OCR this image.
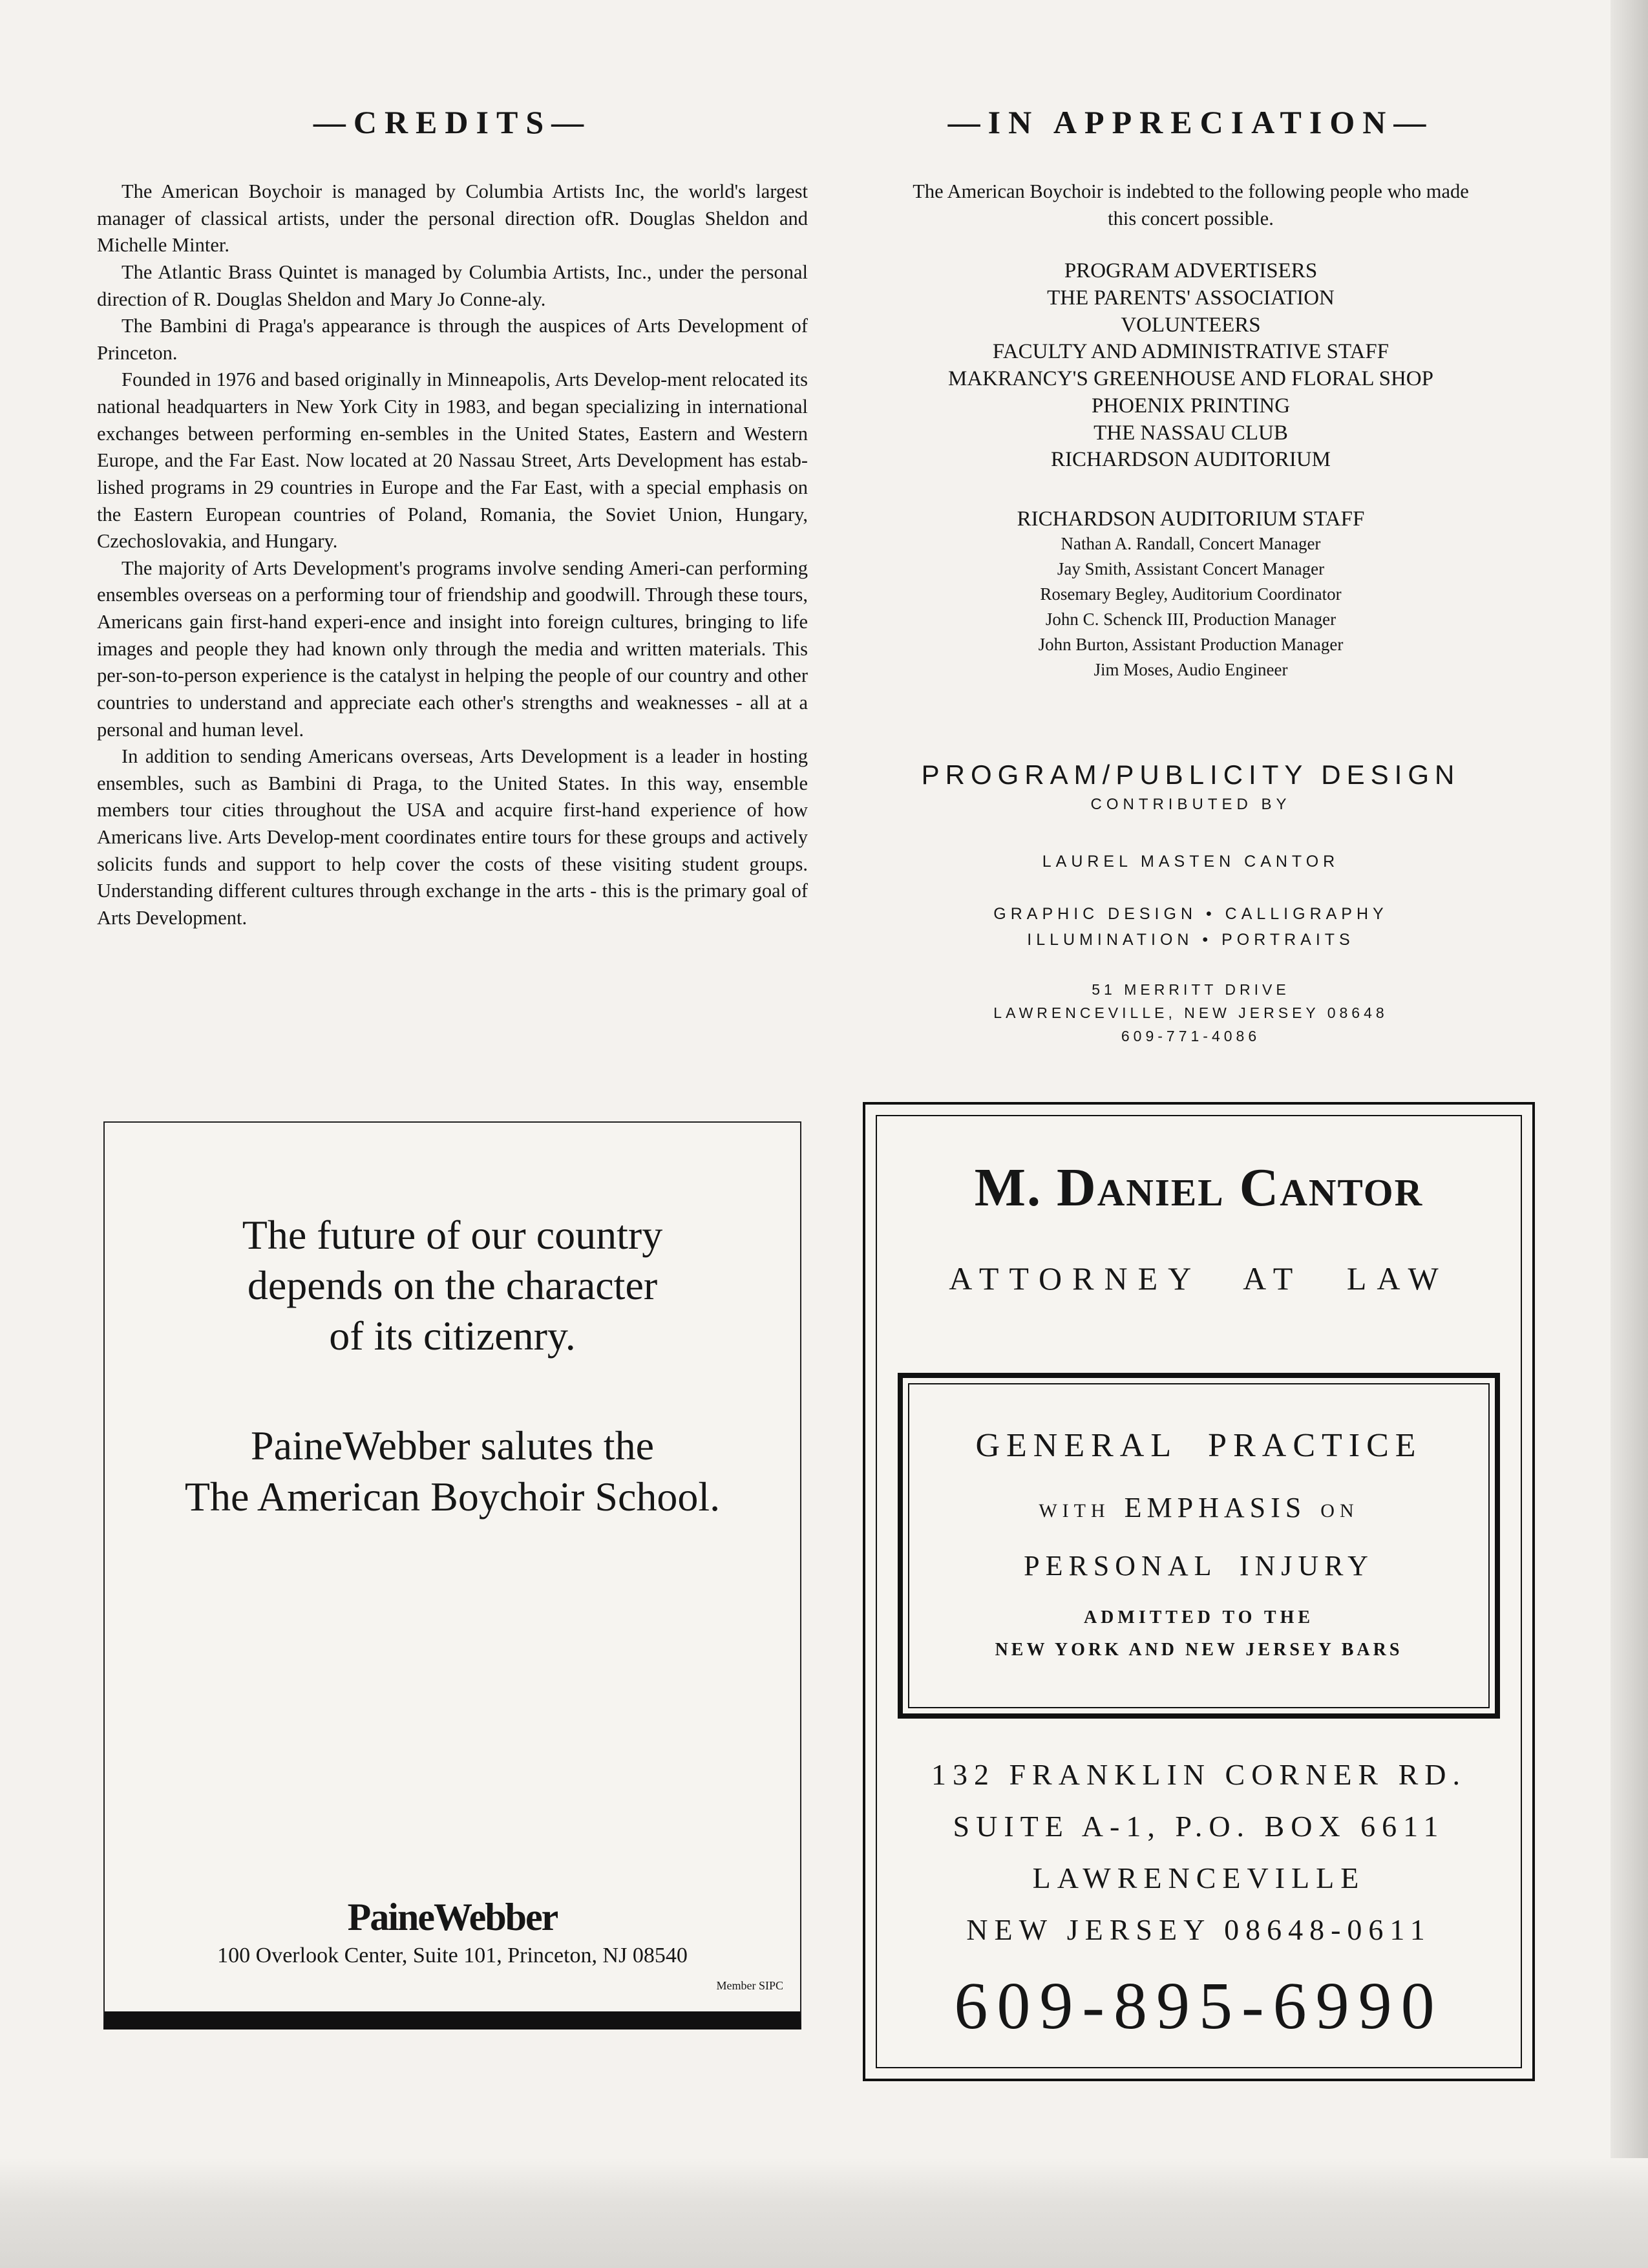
—CREDITS—

The American Boychoir is managed by Columbia Artists Inc, the world's largest manager of classical artists, under the personal direction ofR. Douglas Sheldon and Michelle Minter.

The Atlantic Brass Quintet is managed by Columbia Artists, Inc., under the personal direction of R. Douglas Sheldon and Mary Jo Conne-aly.

The Bambini di Praga's appearance is through the auspices of Arts Development of Princeton.

Founded in 1976 and based originally in Minneapolis, Arts Develop-ment relocated its national headquarters in New York City in 1983, and began specializing in international exchanges between performing en-sembles in the United States, Eastern and Western Europe, and the Far East. Now located at 20 Nassau Street, Arts Development has estab-lished programs in 29 countries in Europe and the Far East, with a special emphasis on the Eastern European countries of Poland, Romania, the Soviet Union, Hungary, Czechoslovakia, and Hungary.

The majority of Arts Development's programs involve sending Ameri-can performing ensembles overseas on a performing tour of friendship and goodwill. Through these tours, Americans gain first-hand experi-ence and insight into foreign cultures, bringing to life images and people they had known only through the media and written materials. This per-son-to-person experience is the catalyst in helping the people of our country and other countries to understand and appreciate each other's strengths and weaknesses - all at a personal and human level.

In addition to sending Americans overseas, Arts Development is a leader in hosting ensembles, such as Bambini di Praga, to the United States. In this way, ensemble members tour cities throughout the USA and acquire first-hand experience of how Americans live. Arts Develop-ment coordinates entire tours for these groups and actively solicits funds and support to help cover the costs of these visiting student groups. Understanding different cultures through exchange in the arts - this is the primary goal of Arts Development.

—IN APPRECIATION—
The American Boychoir is indebted to the following people who made
this concert possible.
PROGRAM ADVERTISERS
THE PARENTS' ASSOCIATION
VOLUNTEERS
FACULTY AND ADMINISTRATIVE STAFF
MAKRANCY'S GREENHOUSE AND FLORAL SHOP
PHOENIX PRINTING
THE NASSAU CLUB
RICHARDSON AUDITORIUM
RICHARDSON AUDITORIUM STAFF
Nathan A. Randall, Concert Manager
Jay Smith, Assistant Concert Manager
Rosemary Begley, Auditorium Coordinator
John C. Schenck III, Production Manager
John Burton, Assistant Production Manager
Jim Moses, Audio Engineer
PROGRAM/PUBLICITY DESIGN
CONTRIBUTED BY
LAUREL MASTEN CANTOR
GRAPHIC DESIGN • CALLIGRAPHY
ILLUMINATION • PORTRAITS
51 MERRITT DRIVE
LAWRENCEVILLE, NEW JERSEY 08648
609-771-4086
The future of our country
depends on the character
of its citizenry.
PaineWebber salutes the
The American Boychoir School.
PaineWebber
100 Overlook Center, Suite 101, Princeton, NJ 08540
Member SIPC
M. Daniel Cantor
ATTORNEY AT LAW
GENERAL PRACTICE
WITH EMPHASIS ON
PERSONAL INJURY
ADMITTED TO THE
NEW YORK AND NEW JERSEY BARS
132 FRANKLIN CORNER RD.
SUITE A-1, P.O. BOX 6611
LAWRENCEVILLE
NEW JERSEY 08648-0611
609-895-6990
